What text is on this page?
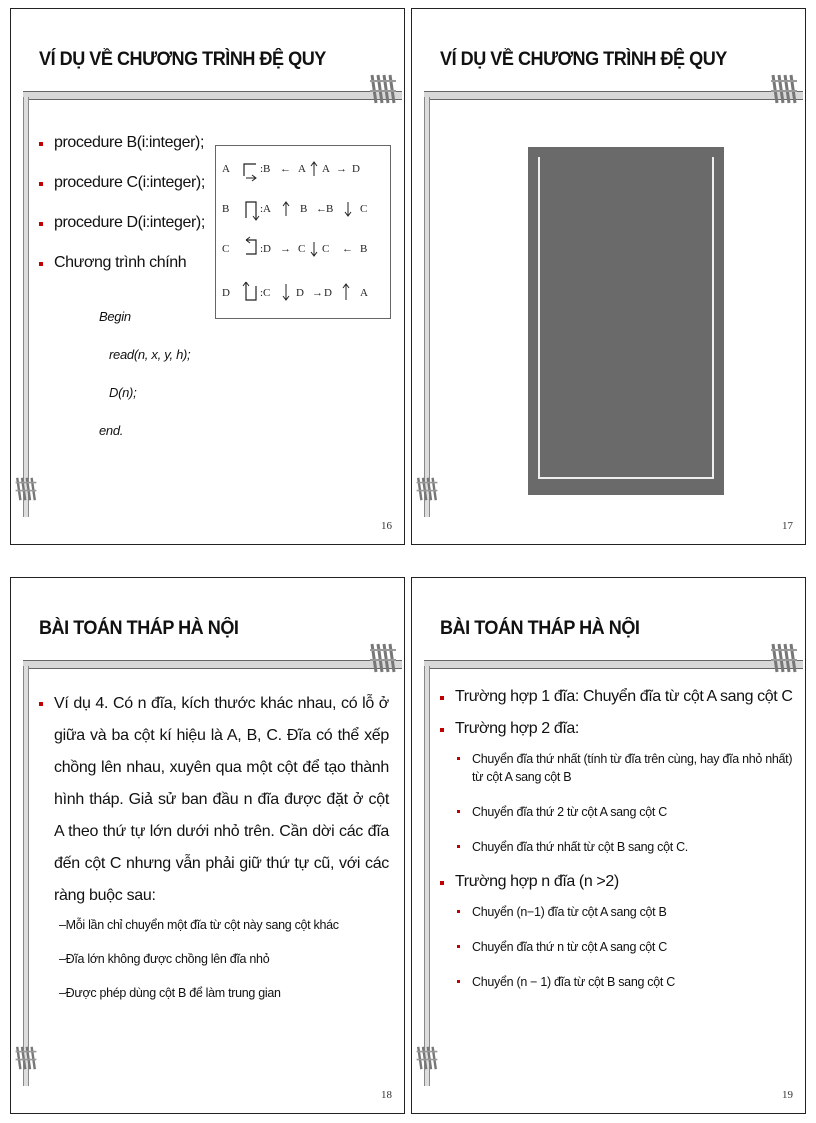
VÍ DỤ VỀ CHƯƠNG TRÌNH ĐỆ QUY
procedure B(i:integer);
procedure C(i:integer);
procedure D(i:integer);
Chương trình chính
Begin
read(n, x, y, h);
D(n);
end.
A	:B ← A A → D
B	:A	B ← B C
C	:D → C C ← B
D	:C D → D	A
16
VÍ DỤ VỀ CHƯƠNG TRÌNH ĐỆ QUY
17
BÀI TOÁN THÁP HÀ NỘI
Ví dụ 4. Có n đĩa, kích thước khác nhau, có lỗ ở giữa và ba cột kí hiệu là A, B, C. Đĩa có thể xếp chồng lên nhau, xuyên qua một cột để tạo thành hình tháp. Giả sử ban đầu n đĩa được đặt ở cột A theo thứ tự lớn dưới nhỏ trên. Cần dời các đĩa đến cột C nhưng vẫn phải giữ thứ tự cũ, với các ràng buộc sau:
– Mỗi lần chỉ chuyển một đĩa từ cột này sang cột khác
– Đĩa lớn không được chồng lên đĩa nhỏ
– Được phép dùng cột B để làm trung gian
18
BÀI TOÁN THÁP HÀ NỘI
Trường hợp 1 đĩa: Chuyển đĩa từ cột A sang cột C
Trường hợp 2 đĩa:
Chuyển đĩa thứ nhất (tính từ đĩa trên cùng, hay đĩa nhỏ nhất) từ cột A sang cột B
Chuyển đĩa thứ 2 từ cột A sang cột C
Chuyển đĩa thứ nhất từ cột B sang cột C.
Trường hợp n đĩa (n >2)
Chuyển (n−1) đĩa từ cột A sang cột B
Chuyển đĩa thứ n từ cột A sang cột C
Chuyển (n − 1) đĩa từ cột B sang cột C
19
